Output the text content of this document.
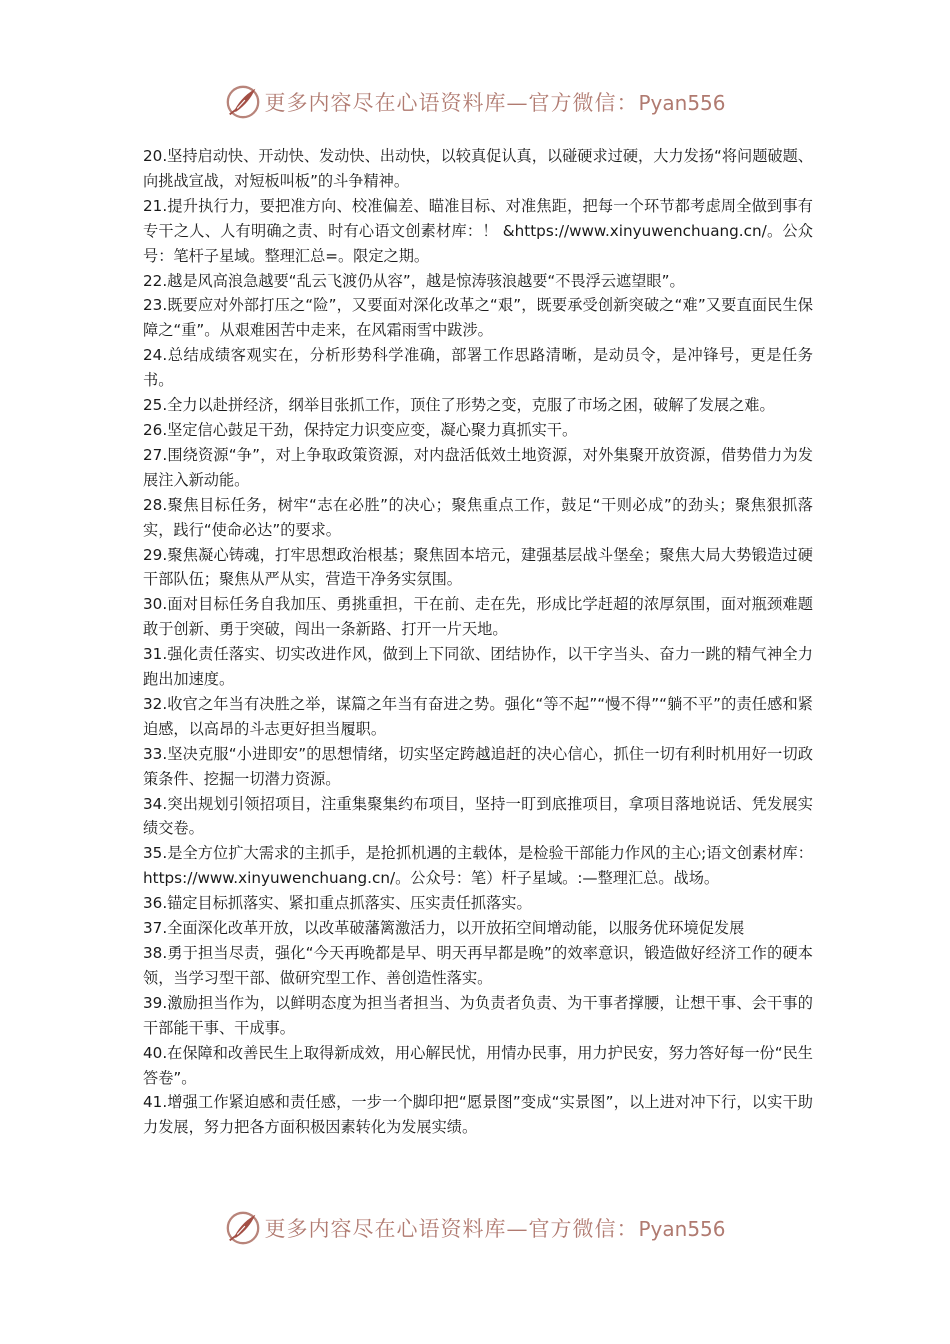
更多内容尽在心语资料库—官方微信：Pyan556

20.坚持启动快、开动快、发动快、出动快，以较真促认真，以碰硬求过硬，大力发扬“将问题破题、向挑战宣战，对短板叫板”的斗争精神。

21.提升执行力，要把准方向、校准偏差、瞄准目标、对准焦距，把每一个环节都考虑周全做到事有专干之人、人有明确之责、时有心语文创素材库：！ &https://www.xinyuwenchuang.cn/。公众号：笔杆子星域。整理汇总=。限定之期。

22.越是风高浪急越要“乱云飞渡仍从容”，越是惊涛骇浪越要“不畏浮云遮望眼”。

23.既要应对外部打压之“险”，又要面对深化改革之“艰”，既要承受创新突破之“难”又要直面民生保障之“重”。从艰难困苦中走来，在风霜雨雪中跋涉。

24.总结成绩客观实在，分析形势科学准确，部署工作思路清晰，是动员令，是冲锋号，更是任务书。

25.全力以赴拼经济，纲举目张抓工作，顶住了形势之变，克服了市场之困，破解了发展之难。

26.坚定信心鼓足干劲，保持定力识变应变，凝心聚力真抓实干。

27.围绕资源“争”，对上争取政策资源，对内盘活低效土地资源，对外集聚开放资源，借势借力为发展注入新动能。

28.聚焦目标任务，树牢“志在必胜”的决心；聚焦重点工作，鼓足“干则必成”的劲头；聚焦狠抓落实，践行“使命必达”的要求。

29.聚焦凝心铸魂，打牢思想政治根基；聚焦固本培元，建强基层战斗堡垒；聚焦大局大势锻造过硬干部队伍；聚焦从严从实，营造干净务实氛围。

30.面对目标任务自我加压、勇挑重担，干在前、走在先，形成比学赶超的浓厚氛围，面对瓶颈难题敢于创新、勇于突破，闯出一条新路、打开一片天地。

31.强化责任落实、切实改进作风，做到上下同欲、团结协作，以干字当头、奋力一跳的精气神全力跑出加速度。

32.收官之年当有决胜之举，谋篇之年当有奋进之势。强化“等不起”“慢不得”“躺不平”的责任感和紧迫感，以高昂的斗志更好担当履职。

33.坚决克服“小进即安”的思想情绪，切实坚定跨越追赶的决心信心，抓住一切有利时机用好一切政策条件、挖掘一切潜力资源。

34.突出规划引领招项目，注重集聚集约布项目，坚持一盯到底推项目，拿项目落地说话、凭发展实绩交卷。

35.是全方位扩大需求的主抓手，是抢抓机遇的主载体，是检验干部能力作风的主心;语文创素材库：https://www.xinyuwenchuang.cn/。公众号：笔）杆子星域。:—整理汇总。战场。

36.锚定目标抓落实、紧扣重点抓落实、压实责任抓落实。

37.全面深化改革开放，以改革破藩篱激活力，以开放拓空间增动能，以服务优环境促发展

38.勇于担当尽责，强化“今天再晚都是早、明天再早都是晚”的效率意识，锻造做好经济工作的硬本领，当学习型干部、做研究型工作、善创造性落实。

39.激励担当作为，以鲜明态度为担当者担当、为负责者负责、为干事者撑腰，让想干事、会干事的干部能干事、干成事。

40.在保障和改善民生上取得新成效，用心解民忧，用情办民事，用力护民安，努力答好每一份“民生答卷”。

41.增强工作紧迫感和责任感，一步一个脚印把“愿景图”变成“实景图”，以上进对冲下行，以实干助力发展，努力把各方面积极因素转化为发展实绩。

更多内容尽在心语资料库—官方微信：Pyan556
